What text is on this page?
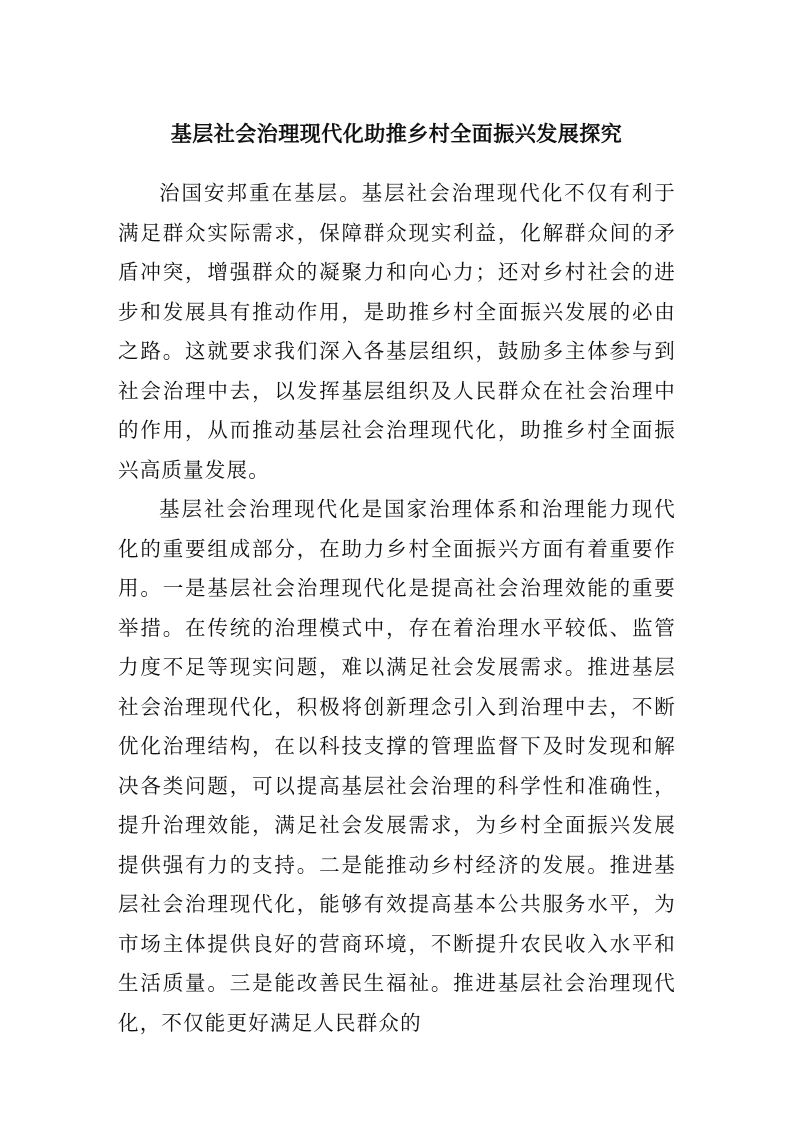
基层社会治理现代化助推乡村全面振兴发展探究

治国安邦重在基层。基层社会治理现代化不仅有利于满足群众实际需求，保障群众现实利益，化解群众间的矛盾冲突，增强群众的凝聚力和向心力；还对乡村社会的进步和发展具有推动作用，是助推乡村全面振兴发展的必由之路。这就要求我们深入各基层组织，鼓励多主体参与到社会治理中去，以发挥基层组织及人民群众在社会治理中的作用，从而推动基层社会治理现代化，助推乡村全面振兴高质量发展。

基层社会治理现代化是国家治理体系和治理能力现代化的重要组成部分，在助力乡村全面振兴方面有着重要作用。一是基层社会治理现代化是提高社会治理效能的重要举措。在传统的治理模式中，存在着治理水平较低、监管力度不足等现实问题，难以满足社会发展需求。推进基层社会治理现代化，积极将创新理念引入到治理中去，不断优化治理结构，在以科技支撑的管理监督下及时发现和解决各类问题，可以提高基层社会治理的科学性和准确性，提升治理效能，满足社会发展需求，为乡村全面振兴发展提供强有力的支持。二是能推动乡村经济的发展。推进基层社会治理现代化，能够有效提高基本公共服务水平，为市场主体提供良好的营商环境，不断提升农民收入水平和生活质量。三是能改善民生福祉。推进基层社会治理现代化，不仅能更好满足人民群众的
